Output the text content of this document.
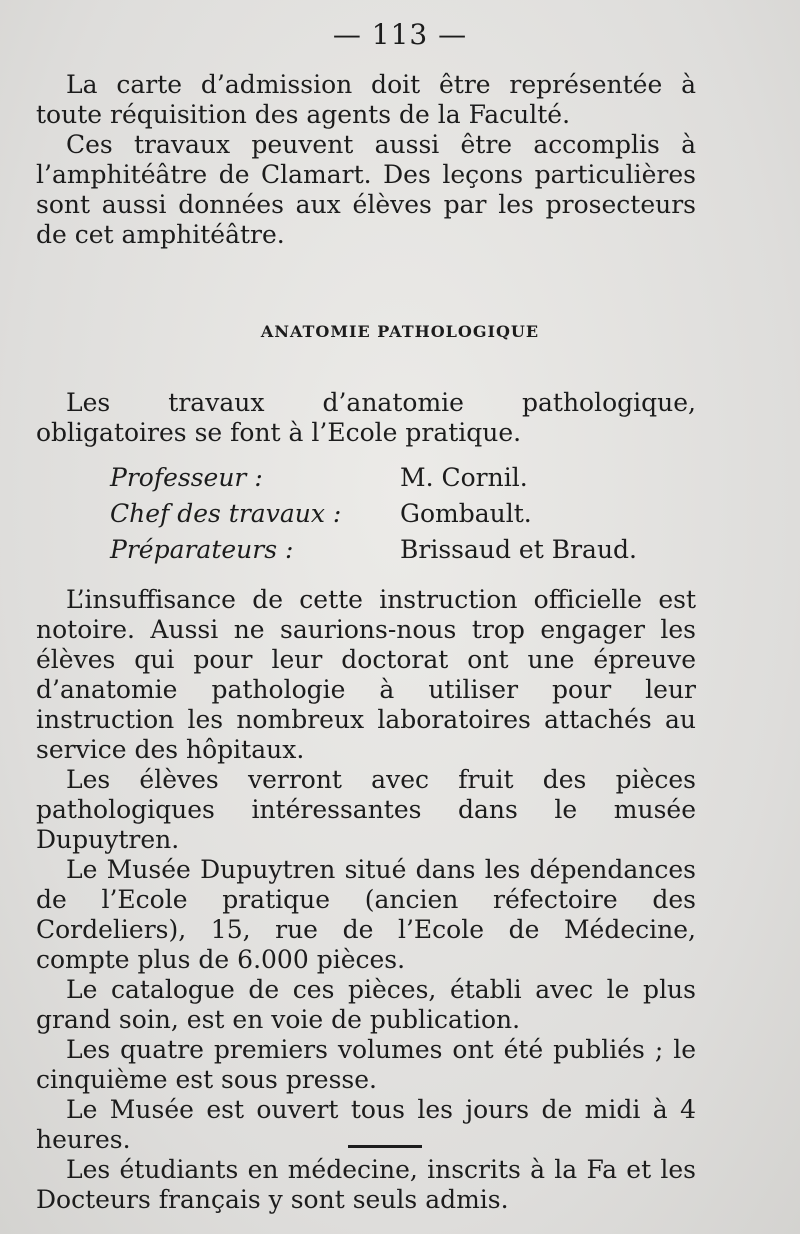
— 113 —

La carte d’admission doit être représentée à toute réquisition des agents de la Faculté.

Ces travaux peuvent aussi être accomplis à l’amphitéâtre de Clamart. Des leçons particulières sont aussi données aux élèves par les prosecteurs de cet amphitéâtre.

ANATOMIE PATHOLOGIQUE

Les travaux d’anatomie pathologique, obligatoires se font à l’Ecole pratique.

Professeur :	M. Cornil.
Chef des travaux :	Gombault.
Préparateurs :	Brissaud et Braud.

L’insuffisance de cette instruction officielle est notoire. Aussi ne saurions-nous trop engager les élèves qui pour leur doctorat ont une épreuve d’anatomie pathologie à utiliser pour leur instruction les nombreux laboratoires attachés au service des hôpitaux.

Les élèves verront avec fruit des pièces pathologiques intéressantes dans le musée Dupuytren.

Le Musée Dupuytren situé dans les dépendances de l’Ecole pratique (ancien réfectoire des Cordeliers), 15, rue de l’Ecole de Médecine, compte plus de 6.000 pièces.

Le catalogue de ces pièces, établi avec le plus grand soin, est en voie de publication.

Les quatre premiers volumes ont été publiés ; le cinquième est sous presse.

Le Musée est ouvert tous les jours de midi à 4 heures.

Les étudiants en médecine, inscrits à la Fa et les Docteurs français y sont seuls admis.
